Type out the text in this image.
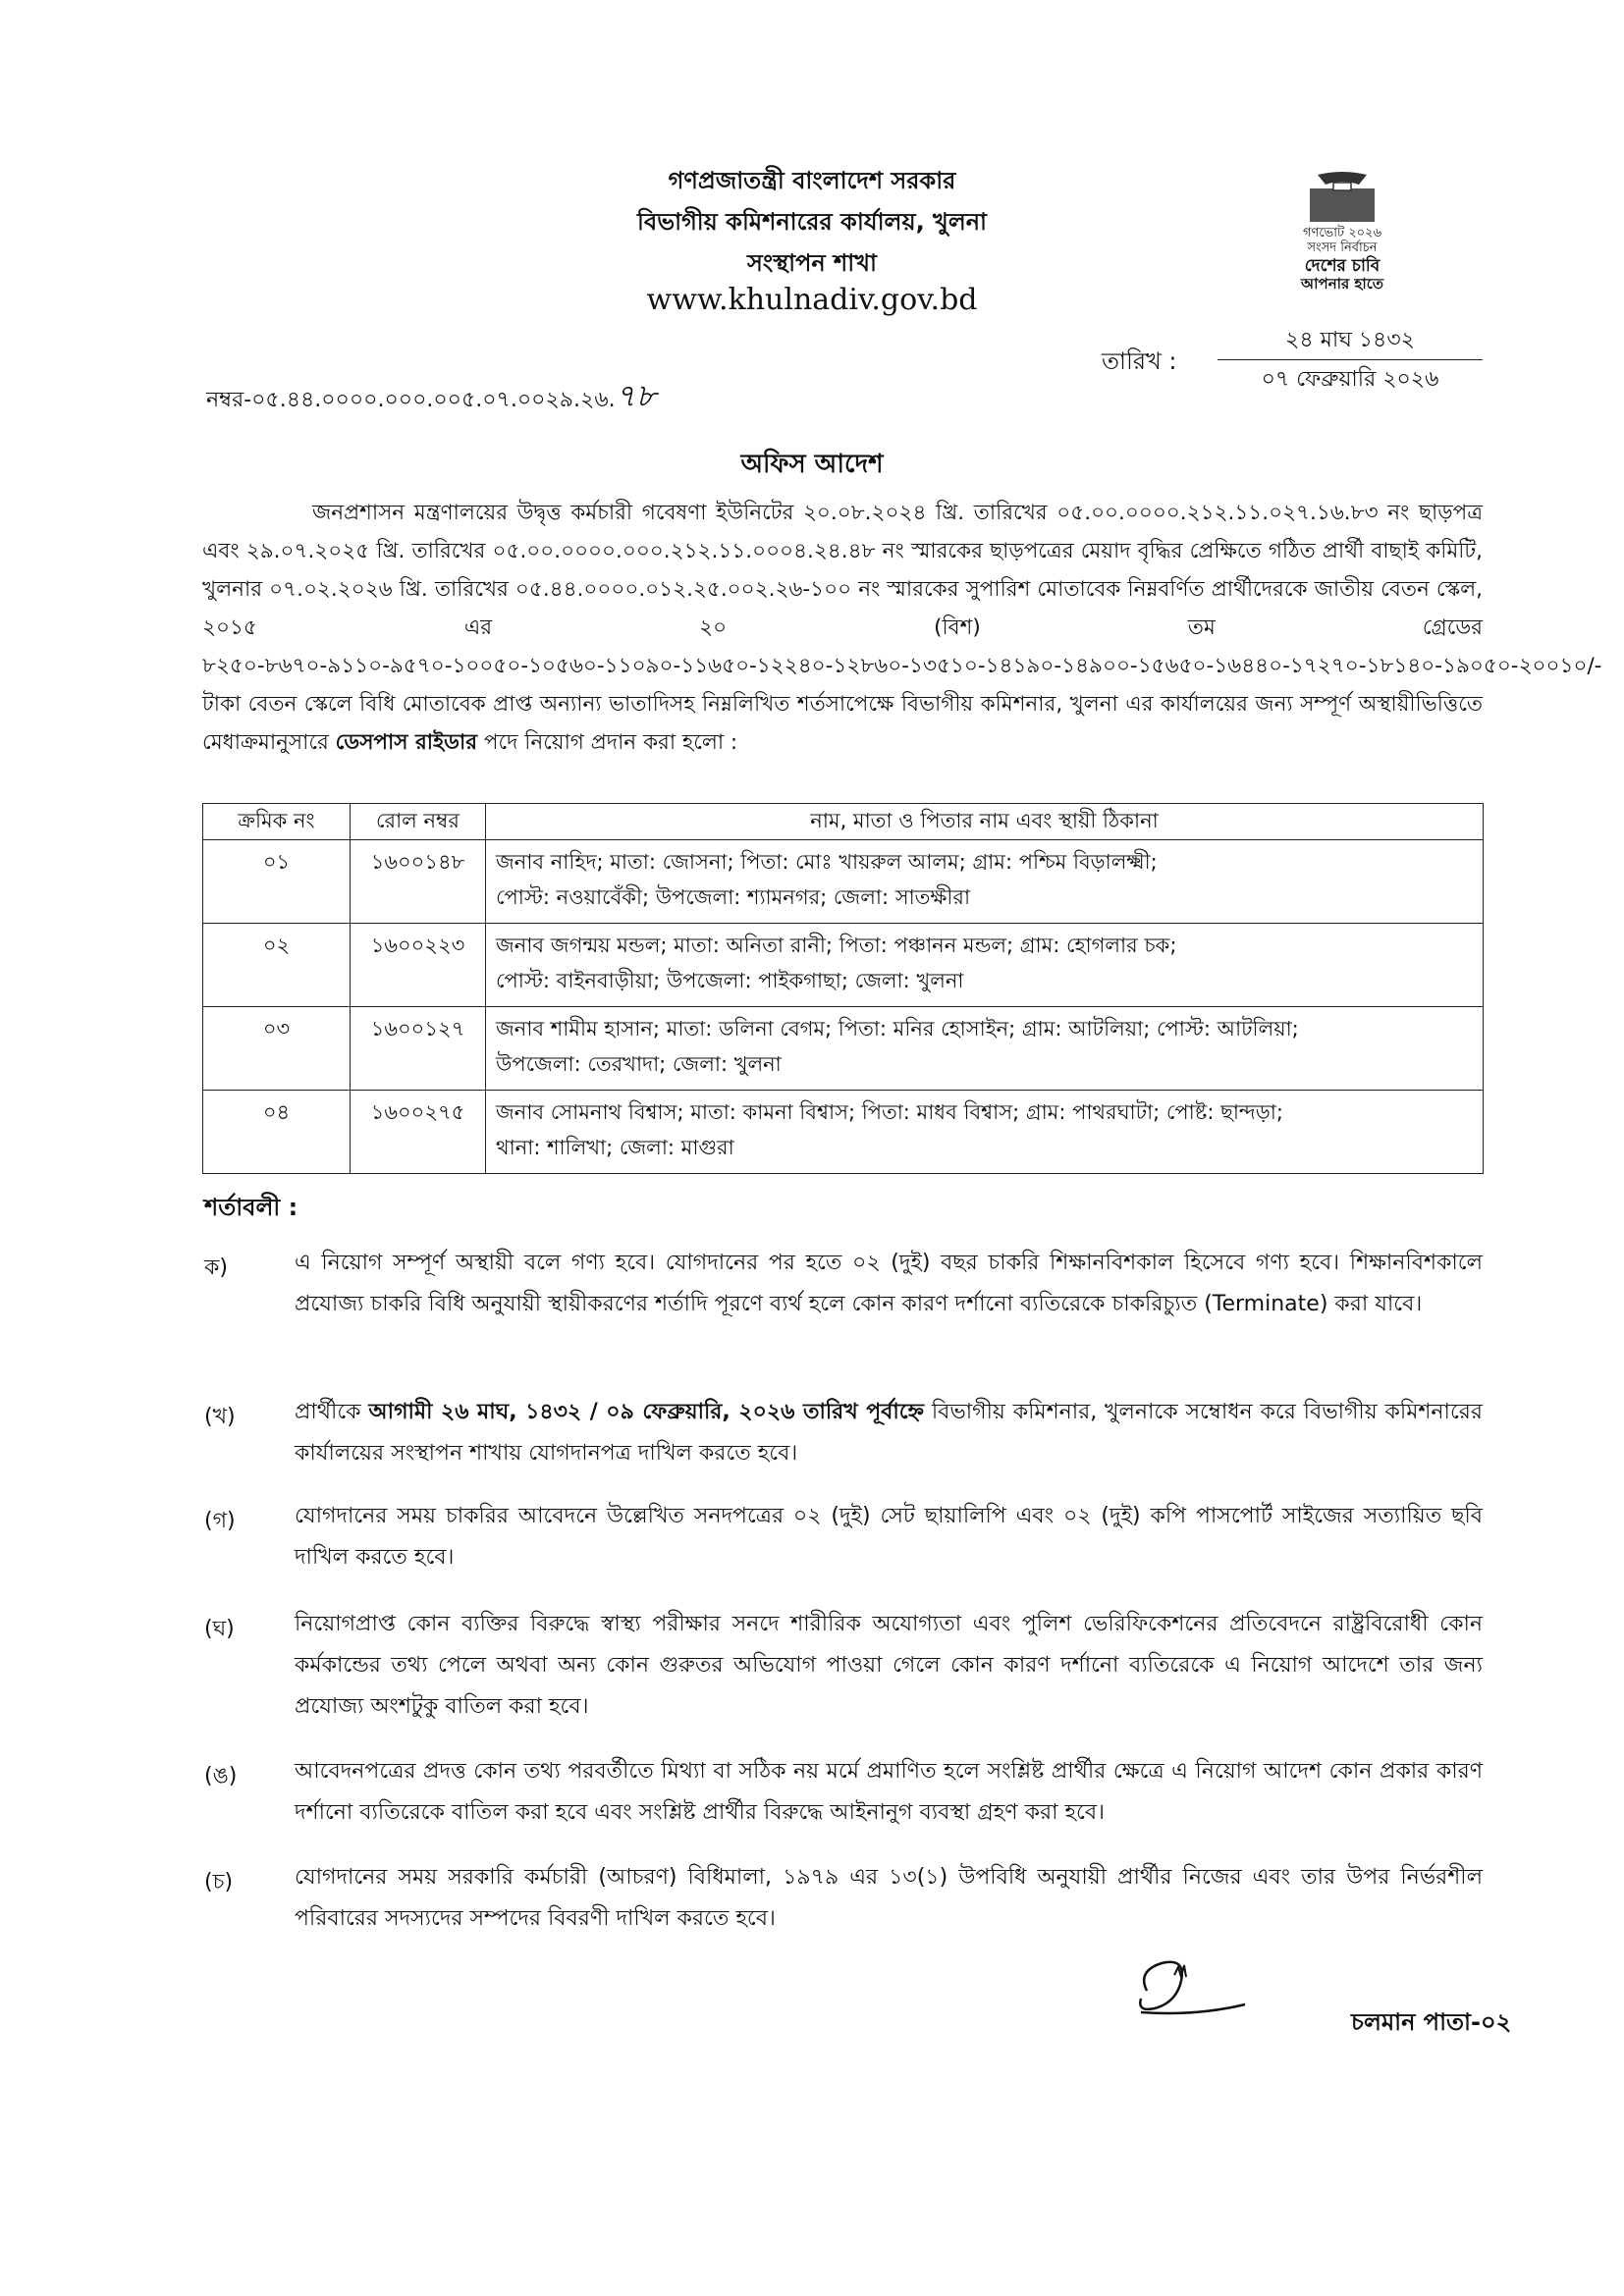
গণপ্রজাতন্ত্রী বাংলাদেশ সরকার
বিভাগীয় কমিশনারের কার্যালয়, খুলনা
সংস্থাপন শাখা
www.khulnadiv.gov.bd
গণভোট ২০২৬
সংসদ নির্বাচন
দেশের চাবি
আপনার হাতে
নম্বর-০৫.৪৪.০০০০.০০০.০০৫.০৭.০০২৯.২৬.৭৮
তারিখ :
২৪ মাঘ ১৪৩২
০৭ ফেব্রুয়ারি ২০২৬
অফিস আদেশ
জনপ্রশাসন মন্ত্রণালয়ের উদ্বৃত্ত কর্মচারী গবেষণা ইউনিটের ২০.০৮.২০২৪ খ্রি. তারিখের ০৫.০০.০০০০.২১২.১১.০২৭.১৬.৮৩ নং ছাড়পত্র এবং ২৯.০৭.২০২৫ খ্রি. তারিখের ০৫.০০.০০০০.০০০.২১২.১১.০০০৪.২৪.৪৮ নং স্মারকের ছাড়পত্রের মেয়াদ বৃদ্ধির প্রেক্ষিতে গঠিত প্রার্থী বাছাই কমিটি, খুলনার ০৭.০২.২০২৬ খ্রি. তারিখের ০৫.৪৪.০০০০.০১২.২৫.০০২.২৬-১০০ নং স্মারকের সুপারিশ মোতাবেক নিম্নবর্ণিত প্রার্থীদেরকে জাতীয় বেতন স্কেল, ২০১৫ এর ২০ (বিশ) তম গ্রেডের ৮২৫০-৮৬৭০-৯১১০-৯৫৭০-১০০৫০-১০৫৬০-১১০৯০-১১৬৫০-১২২৪০-১২৮৬০-১৩৫১০-১৪১৯০-১৪৯০০-১৫৬৫০-১৬৪৪০-১৭২৭০-১৮১৪০-১৯০৫০-২০০১০/-টাকা বেতন স্কেলে বিধি মোতাবেক প্রাপ্ত অন্যান্য ভাতাদিসহ নিম্নলিখিত শর্তসাপেক্ষে বিভাগীয় কমিশনার, খুলনা এর কার্যালয়ের জন্য সম্পূর্ণ অস্থায়ীভিত্তিতে মেধাক্রমানুসারে ডেসপাস রাইডার পদে নিয়োগ প্রদান করা হলো :
ক্রমিক নং	রোল নম্বর	নাম, মাতা ও পিতার নাম এবং স্থায়ী ঠিকানা
০১	১৬০০১৪৮	জনাব নাহিদ; মাতা: জোসনা; পিতা: মোঃ খায়রুল আলম; গ্রাম: পশ্চিম বিড়ালক্ষ্মী;
পোস্ট: নওয়াবেঁকী; উপজেলা: শ্যামনগর; জেলা: সাতক্ষীরা

০২	১৬০০২২৩	জনাব জগন্ময় মন্ডল; মাতা: অনিতা রানী; পিতা: পঞ্চানন মন্ডল; গ্রাম: হোগলার চক;
পোস্ট: বাইনবাড়ীয়া; উপজেলা: পাইকগাছা; জেলা: খুলনা

০৩	১৬০০১২৭	জনাব শামীম হাসান; মাতা: ডলিনা বেগম; পিতা: মনির হোসাইন; গ্রাম: আটলিয়া; পোস্ট: আটলিয়া;
উপজেলা: তেরখাদা; জেলা: খুলনা

০৪	১৬০০২৭৫	জনাব সোমনাথ বিশ্বাস; মাতা: কামনা বিশ্বাস; পিতা: মাধব বিশ্বাস; গ্রাম: পাথরঘাটা; পোষ্ট: ছান্দড়া;
থানা: শালিখা; জেলা: মাগুরা
শর্তাবলী :
ক)	এ নিয়োগ সম্পূর্ণ অস্থায়ী বলে গণ্য হবে। যোগদানের পর হতে ০২ (দুই) বছর চাকরি শিক্ষানবিশকাল হিসেবে গণ্য হবে। শিক্ষানবিশকালে প্রযোজ্য চাকরি বিধি অনুযায়ী স্থায়ীকরণের শর্তাদি পূরণে ব্যর্থ হলে কোন কারণ দর্শানো ব্যতিরেকে চাকরিচ্যুত (Terminate) করা যাবে।
(খ)	প্রার্থীকে আগামী ২৬ মাঘ, ১৪৩২ / ০৯ ফেব্রুয়ারি, ২০২৬ তারিখ পূর্বাহ্নে বিভাগীয় কমিশনার, খুলনাকে সম্বোধন করে বিভাগীয় কমিশনারের কার্যালয়ের সংস্থাপন শাখায় যোগদানপত্র দাখিল করতে হবে।
(গ)	যোগদানের সময় চাকরির আবেদনে উল্লেখিত সনদপত্রের ০২ (দুই) সেট ছায়ালিপি এবং ০২ (দুই) কপি পাসপোর্ট সাইজের সত্যায়িত ছবি দাখিল করতে হবে।
(ঘ)	নিয়োগপ্রাপ্ত কোন ব্যক্তির বিরুদ্ধে স্বাস্থ্য পরীক্ষার সনদে শারীরিক অযোগ্যতা এবং পুলিশ ভেরিফিকেশনের প্রতিবেদনে রাষ্ট্রবিরোধী কোন কর্মকান্ডের তথ্য পেলে অথবা অন্য কোন গুরুতর অভিযোগ পাওয়া গেলে কোন কারণ দর্শানো ব্যতিরেকে এ নিয়োগ আদেশে তার জন্য প্রযোজ্য অংশটুকু বাতিল করা হবে।
(ঙ)	আবেদনপত্রের প্রদত্ত কোন তথ্য পরবর্তীতে মিথ্যা বা সঠিক নয় মর্মে প্রমাণিত হলে সংশ্লিষ্ট প্রার্থীর ক্ষেত্রে এ নিয়োগ আদেশ কোন প্রকার কারণ দর্শানো ব্যতিরেকে বাতিল করা হবে এবং সংশ্লিষ্ট প্রার্থীর বিরুদ্ধে আইনানুগ ব্যবস্থা গ্রহণ করা হবে।
(চ)	যোগদানের সময় সরকারি কর্মচারী (আচরণ) বিধিমালা, ১৯৭৯ এর ১৩(১) উপবিধি অনুযায়ী প্রার্থীর নিজের এবং তার উপর নির্ভরশীল পরিবারের সদস্যদের সম্পদের বিবরণী দাখিল করতে হবে।
চলমান পাতা-০২
